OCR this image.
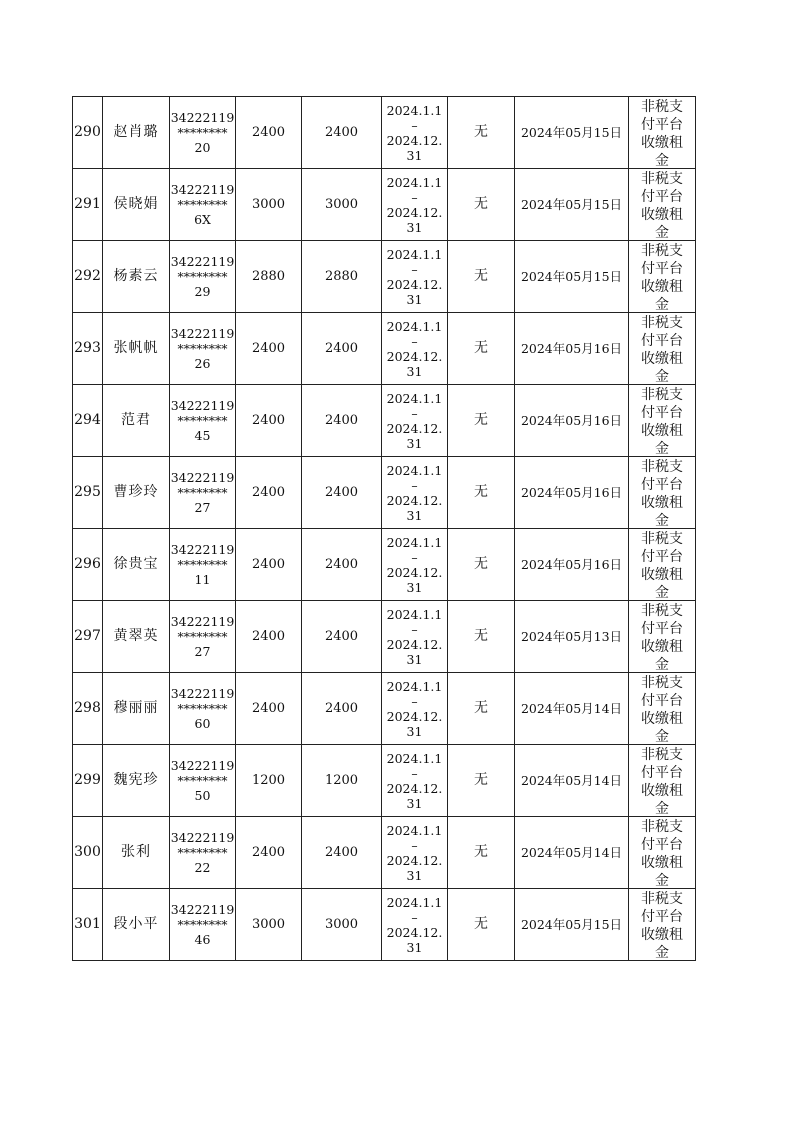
290	赵肖璐	34222119
********
20	2400	2400	2024.1.1
–
2024.12.
31	无	2024年05月15日	非税支
付平台
收缴租
金

291	侯晓娟	34222119
********
6X	3000	3000	2024.1.1
–
2024.12.
31	无	2024年05月15日	非税支
付平台
收缴租
金

292	杨素云	34222119
********
29	2880	2880	2024.1.1
–
2024.12.
31	无	2024年05月15日	非税支
付平台
收缴租
金

293	张帆帆	34222119
********
26	2400	2400	2024.1.1
–
2024.12.
31	无	2024年05月16日	非税支
付平台
收缴租
金

294	范君	34222119
********
45	2400	2400	2024.1.1
–
2024.12.
31	无	2024年05月16日	非税支
付平台
收缴租
金

295	曹珍玲	34222119
********
27	2400	2400	2024.1.1
–
2024.12.
31	无	2024年05月16日	非税支
付平台
收缴租
金

296	徐贵宝	34222119
********
11	2400	2400	2024.1.1
–
2024.12.
31	无	2024年05月16日	非税支
付平台
收缴租
金

297	黄翠英	34222119
********
27	2400	2400	2024.1.1
–
2024.12.
31	无	2024年05月13日	非税支
付平台
收缴租
金

298	穆丽丽	34222119
********
60	2400	2400	2024.1.1
–
2024.12.
31	无	2024年05月14日	非税支
付平台
收缴租
金

299	魏宪珍	34222119
********
50	1200	1200	2024.1.1
–
2024.12.
31	无	2024年05月14日	非税支
付平台
收缴租
金

300	张利	34222119
********
22	2400	2400	2024.1.1
–
2024.12.
31	无	2024年05月14日	非税支
付平台
收缴租
金

301	段小平	34222119
********
46	3000	3000	2024.1.1
–
2024.12.
31	无	2024年05月15日	非税支
付平台
收缴租
金
